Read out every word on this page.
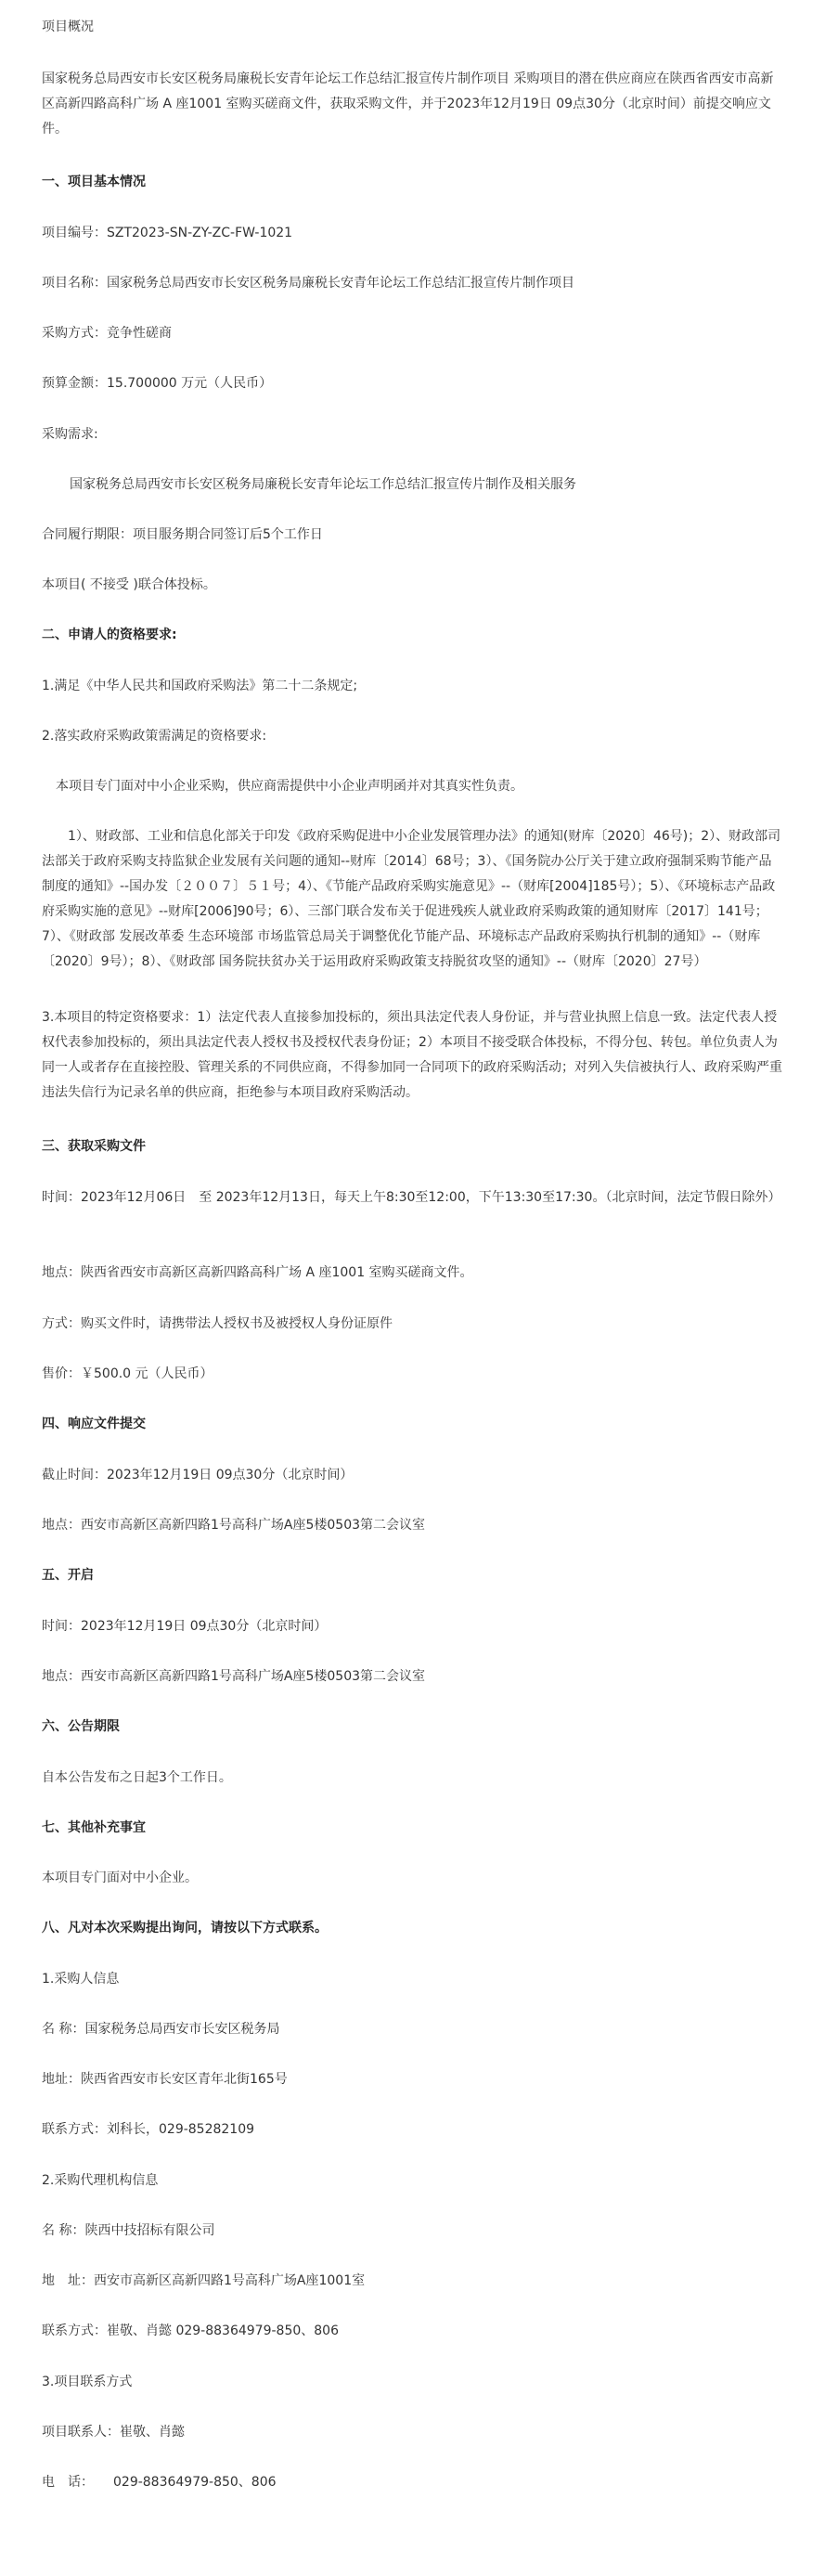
项目概况

国家税务总局西安市长安区税务局廉税长安青年论坛工作总结汇报宣传片制作项目 采购项目的潜在供应商应在陕西省西安市高新区高新四路高科广场 A 座1001 室购买磋商文件，获取采购文件，并于2023年12月19日 09点30分（北京时间）前提交响应文件。

一、项目基本情况

项目编号：SZT2023-SN-ZY-ZC-FW-1021

项目名称：国家税务总局西安市长安区税务局廉税长安青年论坛工作总结汇报宣传片制作项目

采购方式：竞争性磋商

预算金额：15.700000 万元（人民币）

采购需求:

国家税务总局西安市长安区税务局廉税长安青年论坛工作总结汇报宣传片制作及相关服务

合同履行期限：项目服务期合同签订后5个工作日

本项目( 不接受 )联合体投标。

二、申请人的资格要求:

1.满足《中华人民共和国政府采购法》第二十二条规定;

2.落实政府采购政策需满足的资格要求:

本项目专门面对中小企业采购，供应商需提供中小企业声明函并对其真实性负责。

1）、财政部、工业和信息化部关于印发《政府采购促进中小企业发展管理办法》的通知(财库〔2020〕46号)；2）、财政部司法部关于政府采购支持监狱企业发展有关问题的通知--财库〔2014〕68号；3）、《国务院办公厅关于建立政府强制采购节能产品制度的通知》--国办发〔２００７〕５１号；4）、《节能产品政府采购实施意见》--（财库[2004]185号）；5）、《环境标志产品政府采购实施的意见》--财库[2006]90号；6）、三部门联合发布关于促进残疾人就业政府采购政策的通知财库〔2017〕141号；7）、《财政部 发展改革委 生态环境部 市场监管总局关于调整优化节能产品、环境标志产品政府采购执行机制的通知》--（财库〔2020〕9号）；8）、《财政部 国务院扶贫办关于运用政府采购政策支持脱贫攻坚的通知》--（财库〔2020〕27号）

3.本项目的特定资格要求：1）法定代表人直接参加投标的，须出具法定代表人身份证，并与营业执照上信息一致。法定代表人授权代表参加投标的，须出具法定代表人授权书及授权代表身份证；2）本项目不接受联合体投标，不得分包、转包。单位负责人为同一人或者存在直接控股、管理关系的不同供应商，不得参加同一合同项下的政府采购活动；对列入失信被执行人、政府采购严重违法失信行为记录名单的供应商，拒绝参与本项目政府采购活动。

三、获取采购文件

时间：2023年12月06日　至 2023年12月13日，每天上午8:30至12:00，下午13:30至17:30。（北京时间，法定节假日除外）

地点：陕西省西安市高新区高新四路高科广场 A 座1001 室购买磋商文件。

方式：购买文件时，请携带法人授权书及被授权人身份证原件

售价：￥500.0 元（人民币）

四、响应文件提交

截止时间：2023年12月19日 09点30分（北京时间）

地点：西安市高新区高新四路1号高科广场A座5楼0503第二会议室

五、开启

时间：2023年12月19日 09点30分（北京时间）

地点：西安市高新区高新四路1号高科广场A座5楼0503第二会议室

六、公告期限

自本公告发布之日起3个工作日。

七、其他补充事宜

本项目专门面对中小企业。

八、凡对本次采购提出询问，请按以下方式联系。

1.采购人信息

名 称：国家税务总局西安市长安区税务局

地址：陕西省西安市长安区青年北街165号

联系方式：刘科长，029-85282109

2.采购代理机构信息

名 称：陕西中技招标有限公司

地　址：西安市高新区高新四路1号高科广场A座1001室

联系方式：崔敬、肖懿 029-88364979-850、806

3.项目联系方式

项目联系人：崔敬、肖懿

电　话：　　029-88364979-850、806
